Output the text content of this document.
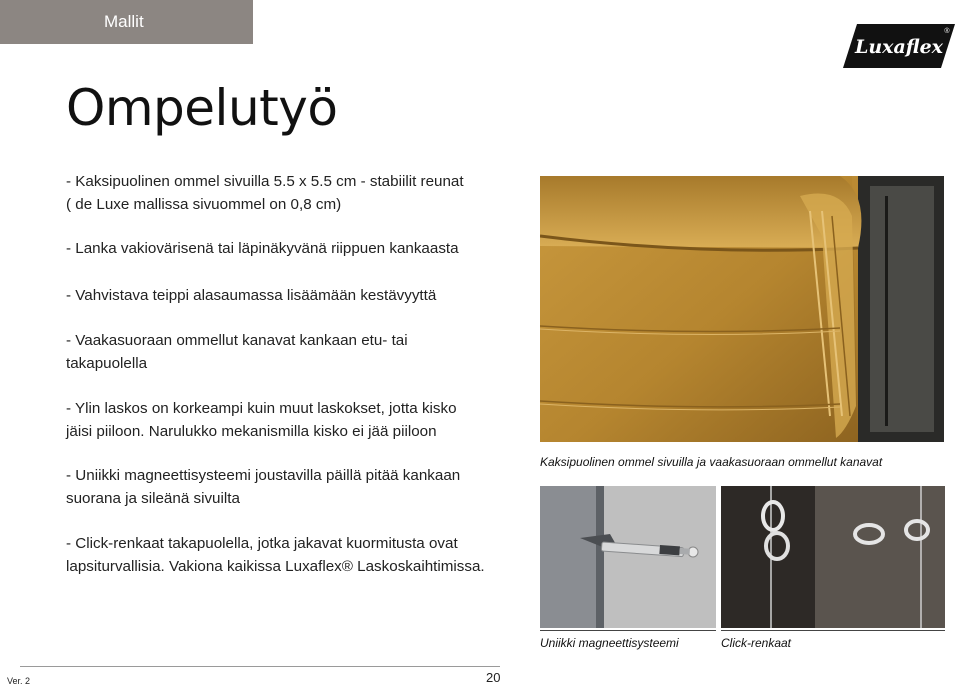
Mallit
Luxaflex
®
Ompelutyö
- Kaksipuolinen ommel sivuilla 5.5 x 5.5 cm - stabiilit reunat
( de Luxe mallissa sivuommel on 0,8 cm)
- Lanka vakiovärisenä tai läpinäkyvänä riippuen kankaasta
- Vahvistava teippi alasaumassa lisäämään kestävyyttä
- Vaakasuoraan ommellut kanavat kankaan etu- tai
takapuolella
- Ylin laskos on korkeampi kuin muut laskokset, jotta kisko
jäisi piiloon. Narulukko mekanismilla kisko ei jää piiloon
- Uniikki magneettisysteemi joustavilla päillä pitää kankaan
suorana ja sileänä sivuilta
- Click-renkaat takapuolella, jotka jakavat kuormitusta ovat
lapsiturvallisia. Vakiona kaikissa Luxaflex® Laskoskaihtimissa.
Kaksipuolinen ommel sivuilla ja vaakasuoraan ommellut kanavat
Uniikki magneettisysteemi	Click-renkaat
Ver. 2	20
